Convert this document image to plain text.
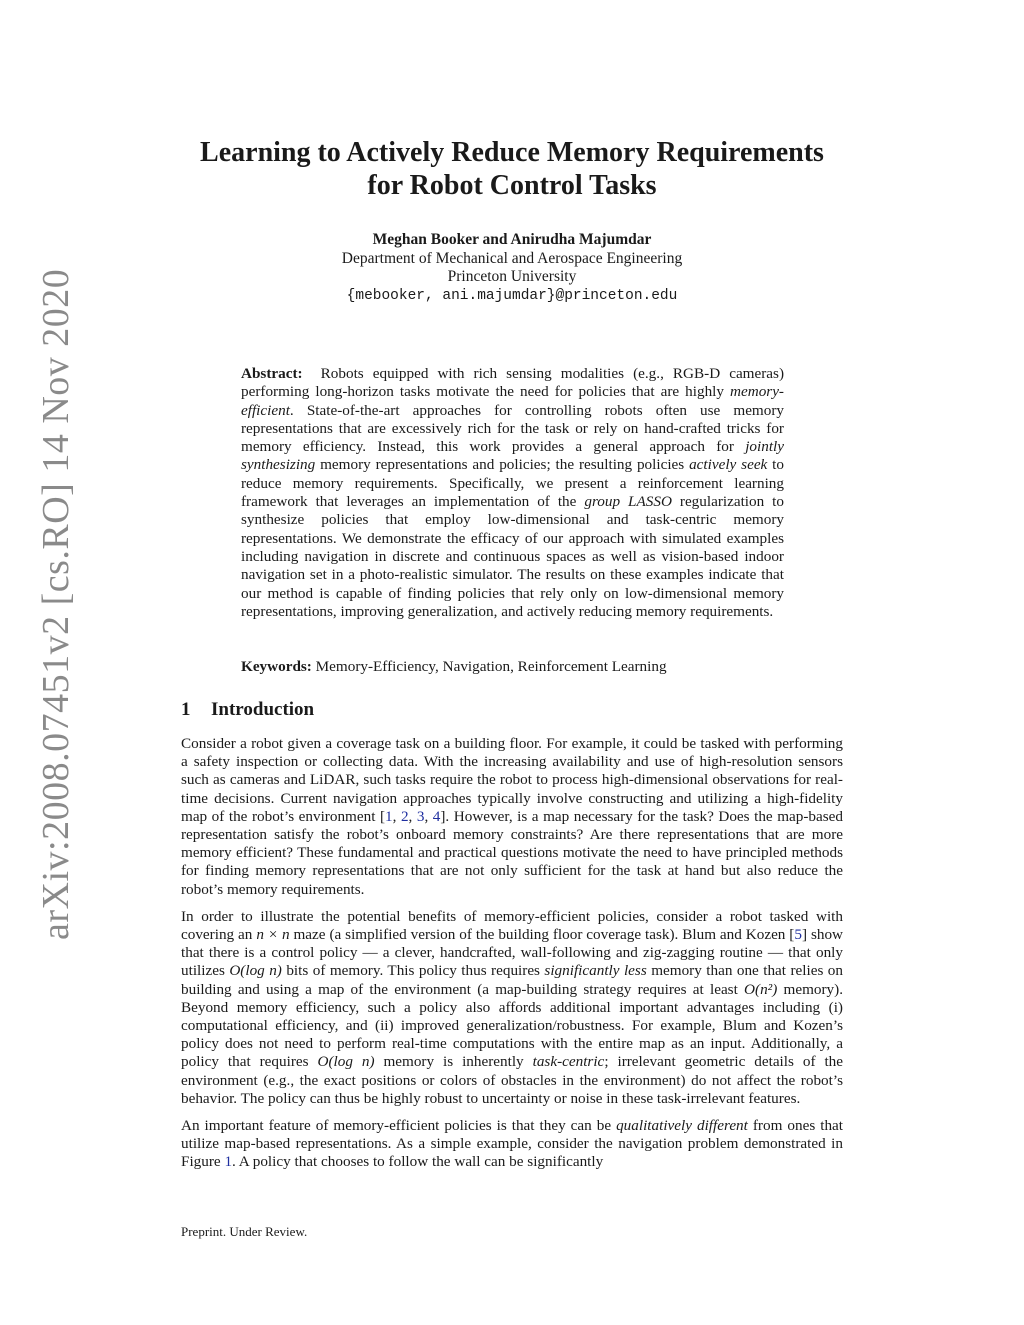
arXiv:2008.07451v2 [cs.RO] 14 Nov 2020
Learning to Actively Reduce Memory Requirements
for Robot Control Tasks
Meghan Booker and Anirudha Majumdar
Department of Mechanical and Aerospace Engineering
Princeton University
{mebooker, ani.majumdar}@princeton.edu
Abstract: Robots equipped with rich sensing modalities (e.g., RGB-D cameras) performing long-horizon tasks motivate the need for policies that are highly memory-efficient. State-of-the-art approaches for controlling robots often use memory representations that are excessively rich for the task or rely on hand-crafted tricks for memory efficiency. Instead, this work provides a general approach for jointly synthesizing memory representations and policies; the resulting policies actively seek to reduce memory requirements. Specifically, we present a reinforcement learning framework that leverages an implementation of the group LASSO regularization to synthesize policies that employ low-dimensional and task-centric memory representations. We demonstrate the efficacy of our approach with simulated examples including navigation in discrete and continuous spaces as well as vision-based indoor navigation set in a photo-realistic simulator. The results on these examples indicate that our method is capable of finding policies that rely only on low-dimensional memory representations, improving generalization, and actively reducing memory requirements.
Keywords: Memory-Efficiency, Navigation, Reinforcement Learning
1 Introduction

Consider a robot given a coverage task on a building floor. For example, it could be tasked with performing a safety inspection or collecting data. With the increasing availability and use of high-resolution sensors such as cameras and LiDAR, such tasks require the robot to process high-dimensional observations for real-time decisions. Current navigation approaches typically involve constructing and utilizing a high-fidelity map of the robot’s environment [1, 2, 3, 4]. However, is a map necessary for the task? Does the map-based representation satisfy the robot’s onboard memory constraints? Are there representations that are more memory efficient? These fundamental and practical questions motivate the need to have principled methods for finding memory representations that are not only sufficient for the task at hand but also reduce the robot’s memory requirements.

In order to illustrate the potential benefits of memory-efficient policies, consider a robot tasked with covering an n × n maze (a simplified version of the building floor coverage task). Blum and Kozen [5] show that there is a control policy — a clever, handcrafted, wall-following and zig-zagging routine — that only utilizes O(log n) bits of memory. This policy thus requires significantly less memory than one that relies on building and using a map of the environment (a map-building strategy requires at least O(n²) memory). Beyond memory efficiency, such a policy also affords additional important advantages including (i) computational efficiency, and (ii) improved generalization/robustness. For example, Blum and Kozen’s policy does not need to perform real-time computations with the entire map as an input. Additionally, a policy that requires O(log n) memory is inherently task-centric; irrelevant geometric details of the environment (e.g., the exact positions or colors of obstacles in the environment) do not affect the robot’s behavior. The policy can thus be highly robust to uncertainty or noise in these task-irrelevant features.

An important feature of memory-efficient policies is that they can be qualitatively different from ones that utilize map-based representations. As a simple example, consider the navigation problem demonstrated in Figure 1. A policy that chooses to follow the wall can be significantly

Preprint. Under Review.
